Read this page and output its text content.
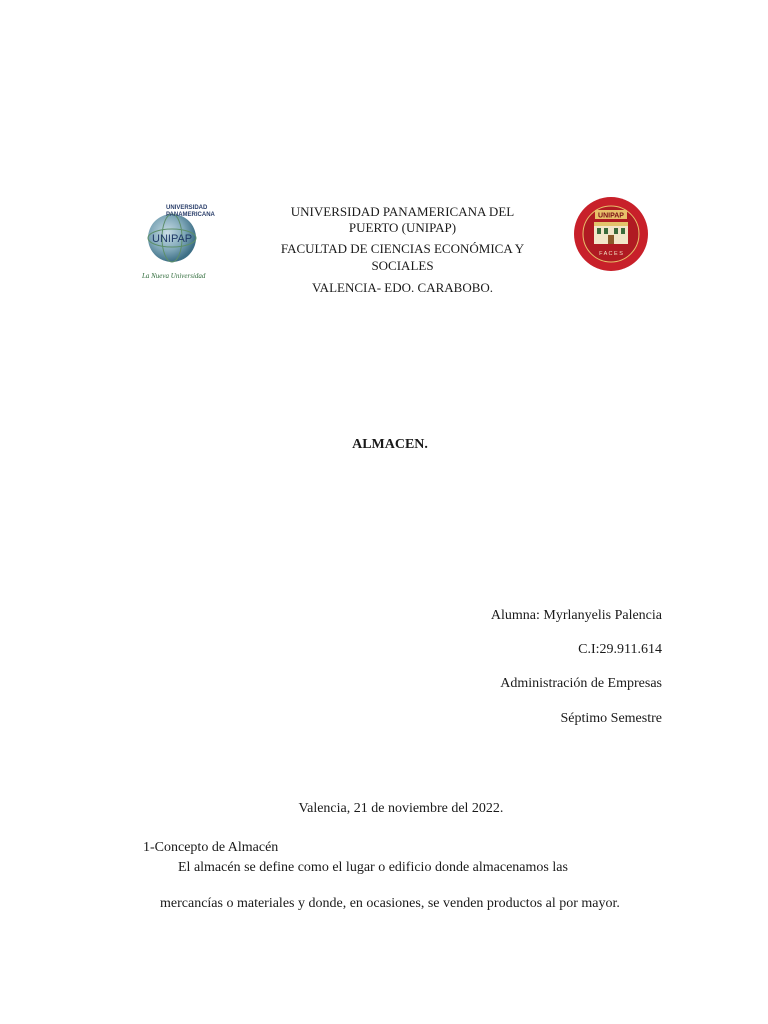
UNIVERSIDAD
PANAMERICANA
UNIPAP
La Nueva Universidad
UNIVERSIDAD PANAMERICANA DEL
PUERTO (UNIPAP)
FACULTAD DE CIENCIAS ECONÓMICA Y
SOCIALES
VALENCIA- EDO. CARABOBO.
UNIPAP
F A C E S
ALMACEN.
Alumna: Myrlanyelis Palencia
C.I:29.911.614
Administración de Empresas
Séptimo Semestre
Valencia, 21 de noviembre del 2022.
1-Concepto de Almacén
El almacén se define como el lugar o edificio donde almacenamos las
mercancías o materiales y donde, en ocasiones, se venden productos al por mayor.
